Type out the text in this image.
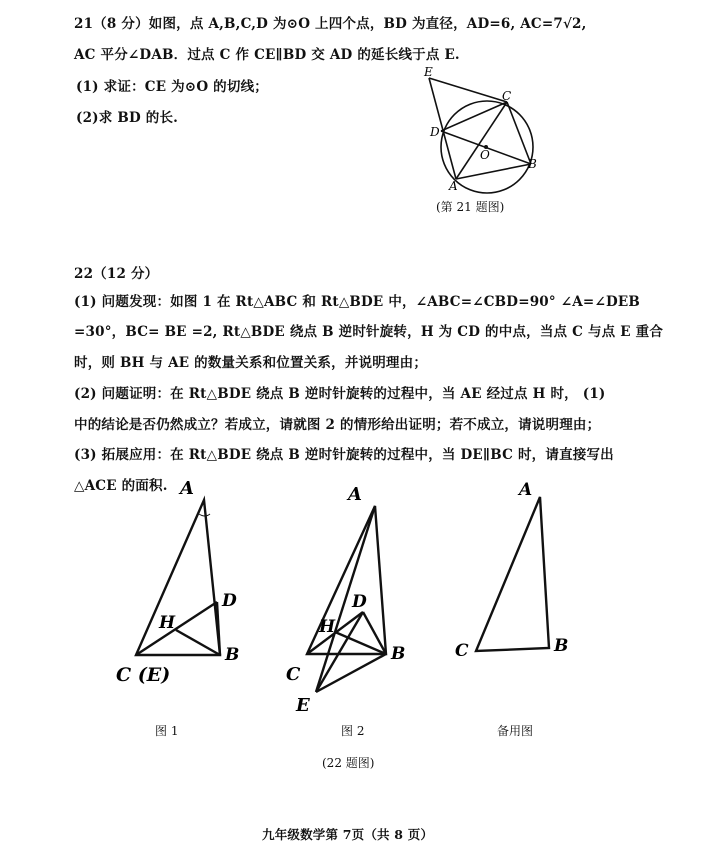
21（8 分）如图，点 A,B,C,D 为⊙O 上四个点，BD 为直径，AD=6, AC=7√2,
AC 平分∠DAB．过点 C 作 CE∥BD 交 AD 的延长线于点 E.
(1) 求证：CE 为⊙O 的切线；
(2)求 BD 的长.
E
C
D
O
B
A
(第 21 题图)
22（12 分）
(1) 问题发现：如图 1 在 Rt△ABC 和 Rt△BDE 中，∠ABC=∠CBD=90° ∠A=∠DEB
=30°，BC= BE =2, Rt△BDE 绕点 B 逆时针旋转，H 为 CD 的中点，当点 C 与点 E 重合
时，则 BH 与 AE 的数量关系和位置关系，并说明理由；
(2) 问题证明：在 Rt△BDE 绕点 B 逆时针旋转的过程中，当 AE 经过点 H 时， (1)
中的结论是否仍然成立？若成立，请就图 2 的情形给出证明；若不成立，请说明理由；
(3) 拓展应用：在 Rt△BDE 绕点 B 逆时针旋转的过程中，当 DE∥BC 时，请直接写出
△ACE 的面积. A
D
H
B
C (E)
A
D
H
B
C
E
A
B
C
图 1	图 2	备用图
(22 题图)
九年级数学第 7页（共 8 页）
